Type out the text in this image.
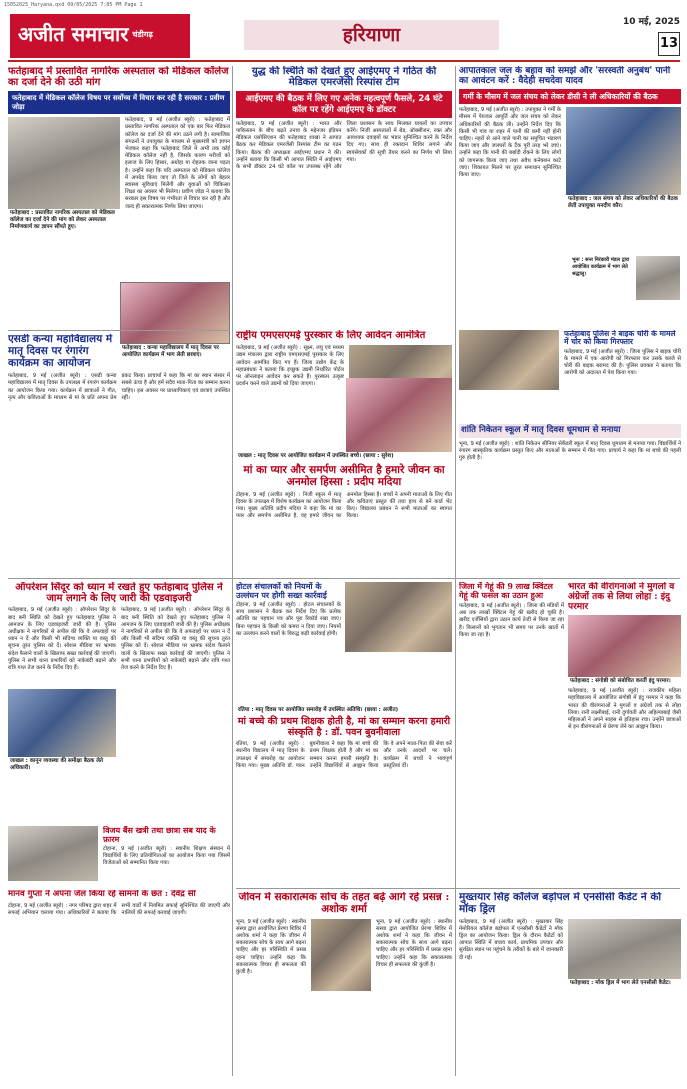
15052025_Haryana.qxd 09/05/2025 7:05 PM Page 1
अजीत समाचार $^{चंडीगढ़}$	हरियाणा
10 मई, 2025
13
फतेहाबाद में प्रस्तावित नागरिक अस्पताल को मेडिकल कॉलेज का दर्जा देने की उठी मांग
फतेहाबाद में मेडिकल कॉलेज विषय पर सर्वोच्च में विचार कर रही है सरकार : प्रवीण जोड़ा
फतेहाबाद : प्रस्तावित नागरिक अस्पताल को मेडिकल कॉलेज का दर्जा देने की मांग को लेकर अस्पताल निर्माणकार्य का ज्ञापन सौंपते हुए।
फतेहाबाद, 9 मई (अजीत ब्यूरो) : फतेहाबाद में प्रस्तावित नागरिक अस्पताल को एक बार फिर मेडिकल कॉलेज का दर्जा देने की मांग उठने लगी है। सामाजिक संगठनों ने उपायुक्त के माध्यम से मुख्यमंत्री को ज्ञापन भेजकर कहा कि फतेहाबाद जिले में अभी तक कोई मेडिकल कॉलेज नहीं है, जिसके कारण मरीजों को इलाज के लिए हिसार, अग्रोहा या रोहतक जाना पड़ता है। उन्होंने कहा कि यदि अस्पताल को मेडिकल कॉलेज में अपग्रेड किया जाए तो जिले के लोगों को बेहतर स्वास्थ्य सुविधाएं मिलेंगी और युवाओं को चिकित्सा शिक्षा का अवसर भी मिलेगा। प्रवीण जोड़ा ने बताया कि सरकार इस विषय पर गंभीरता से विचार कर रही है और जल्द ही सकारात्मक निर्णय लिया जाएगा।
फतेहाबाद : कन्या महाविद्यालय में मातृ दिवस पर आयोजित कार्यक्रम में भाग लेती छात्राएं।
युद्ध की स्थिति को देखते हुए आईएमए ने गठित की मेडिकल एमरजेंसी रिस्पांस टीम
आईएमए की बैठक में लिए गए अनेक महत्वपूर्ण फैसले, 24 घंटे कॉल पर रहेंगे आईएमए के डॉक्टर
फतेहाबाद, 9 मई (अजीत ब्यूरो) : भारत और पाकिस्तान के बीच बढ़ते तनाव के मद्देनजर इंडियन मेडिकल एसोसिएशन की फतेहाबाद शाखा ने आपात बैठक कर मेडिकल एमरजेंसी रिस्पांस टीम का गठन किया। बैठक की अध्यक्षता आईएमए प्रधान ने की। उन्होंने बताया कि किसी भी आपात स्थिति में आईएमए के सभी डॉक्टर 24 घंटे कॉल पर उपलब्ध रहेंगे और जिला प्रशासन के साथ मिलकर घायलों का उपचार करेंगे। निजी अस्पतालों में बेड, ऑक्सीजन, रक्त और आवश्यक दवाइयों का भंडार सुनिश्चित करने के निर्देश दिए गए। साथ ही रक्तदान शिविर लगाने और स्वयंसेवकों की सूची तैयार करने का निर्णय भी लिया गया।
आपातकाल जल के बहाव को समझें और 'सरस्वती अनुबंध' पानी का आवंटन करें : वैदेही सचदेवा यादव
गर्मी के मौसम में जल संचय को लेकर डीसी ने ली अधिकारियों की बैठक
फतेहाबाद, 9 मई (अजीत ब्यूरो) : उपायुक्त ने गर्मी के मौसम में पेयजल आपूर्ति और जल संचय को लेकर अधिकारियों की बैठक ली। उन्होंने निर्देश दिए कि किसी भी गांव या शहर में पानी की कमी नहीं होनी चाहिए। नहरों से आने वाले पानी का समुचित भंडारण किया जाए और जलघरों के टैंक पूरी तरह भरे जाएं। उन्होंने कहा कि पानी की बर्बादी रोकने के लिए लोगों को जागरूक किया जाए तथा अवैध कनेक्शन काटे जाएं। शिकायत मिलने पर तुरंत समाधान सुनिश्चित किया जाए।
फतेहाबाद : जल संचय को लेकर अधिकारियों की बैठक लेतीं उपायुक्त मनदीप कौर।
भूना : सन्त निरंकारी मंडल द्वारा आयोजित कार्यक्रम में भाग लेते श्रद्धालु।
एसडी कन्या महाविद्यालय में मातृ दिवस पर रंगारंग कार्यक्रम का आयोजन
फतेहाबाद, 9 मई (अजीत ब्यूरो) : एसडी कन्या महाविद्यालय में मातृ दिवस के उपलक्ष्य में रंगारंग कार्यक्रम का आयोजन किया गया। कार्यक्रम में छात्राओं ने गीत, नृत्य और कविताओं के माध्यम से मां के प्रति अपना प्रेम प्रकट किया। प्राचार्या ने कहा कि मां का स्थान संसार में सबसे ऊंचा है और हमें सदैव माता-पिता का सम्मान करना चाहिए। इस अवसर पर प्राध्यापिकाएं एवं छात्राएं उपस्थित रहीं।
राष्ट्रीय एमएसएमई पुरस्कार के लिए आवेदन आमंत्रित
फतेहाबाद, 9 मई (अजीत ब्यूरो) : सूक्ष्म, लघु एवं मध्यम उद्यम मंत्रालय द्वारा राष्ट्रीय एमएसएमई पुरस्कार के लिए आवेदन आमंत्रित किए गए हैं। जिला उद्योग केंद्र के महाप्रबंधक ने बताया कि इच्छुक उद्यमी निर्धारित पोर्टल पर ऑनलाइन आवेदन कर सकते हैं। पुरस्कार उत्कृष्ट प्रदर्शन करने वाले उद्यमों को दिया जाएगा।
जाखल : मातृ दिवस पर आयोजित कार्यक्रम में उपस्थित बच्चे। (छाया : सुरेश)
मां का प्यार और समर्पण असीमित है हमारे जीवन का अनमोल हिस्सा : प्रदीप मदिया
टोहाना, 9 मई (अजीत ब्यूरो) : निजी स्कूल में मातृ दिवस के उपलक्ष्य में विशेष कार्यक्रम का आयोजन किया गया। मुख्य अतिथि प्रदीप मदिया ने कहा कि मां का प्यार और समर्पण असीमित है, वह हमारे जीवन का अनमोल हिस्सा है। बच्चों ने अपनी माताओं के लिए गीत और कविताएं प्रस्तुत कीं तथा हाथ से बने कार्ड भेंट किए। विद्यालय प्रबंधन ने सभी माताओं का स्वागत किया।
फतेहाबाद पुलिस ने बाइक चोरी के मामले में चोर को किया गिरफ्तार
फतेहाबाद, 9 मई (अजीत ब्यूरो) : जिला पुलिस ने बाइक चोरी के मामले में एक आरोपी को गिरफ्तार कर उसके कब्जे से चोरी की बाइक बरामद की है। पुलिस प्रवक्ता ने बताया कि आरोपी को अदालत में पेश किया गया।
शांति निकेतन स्कूल में मातृ दिवस धूमधाम से मनाया
भूना, 9 मई (अजीत ब्यूरो) : शांति निकेतन सीनियर सेकेंडरी स्कूल में मातृ दिवस धूमधाम से मनाया गया। विद्यार्थियों ने रंगारंग सांस्कृतिक कार्यक्रम प्रस्तुत किए और माताओं के सम्मान में गीत गाए। प्राचार्य ने कहा कि मां बच्चे की पहली गुरु होती है।
ऑपरेशन सिंदूर को ध्यान में रखते हुए फतेहाबाद पुलिस ने जाम लगाने के लिए जारी की एडवाइजरी
फतेहाबाद, 9 मई (अजीत ब्यूरो) : ऑपरेशन सिंदूर के बाद बनी स्थिति को देखते हुए फतेहाबाद पुलिस ने आमजन के लिए एडवाइजरी जारी की है। पुलिस अधीक्षक ने नागरिकों से अपील की कि वे अफवाहों पर ध्यान न दें और किसी भी संदिग्ध व्यक्ति या वस्तु की सूचना तुरंत पुलिस को दें। सोशल मीडिया पर भ्रामक संदेश फैलाने वालों के खिलाफ सख्त कार्रवाई की जाएगी। पुलिस ने सभी थाना प्रभारियों को नाकेबंदी बढ़ाने और रात्रि गश्त तेज करने के निर्देश दिए हैं।
जाखल : कानून व्यवस्था की समीक्षा बैठक लेते अधिकारी।
फतेहाबाद, 9 मई (अजीत ब्यूरो) : ऑपरेशन सिंदूर के बाद बनी स्थिति को देखते हुए फतेहाबाद पुलिस ने आमजन के लिए एडवाइजरी जारी की है। पुलिस अधीक्षक ने नागरिकों से अपील की कि वे अफवाहों पर ध्यान न दें और किसी भी संदिग्ध व्यक्ति या वस्तु की सूचना तुरंत पुलिस को दें। सोशल मीडिया पर भ्रामक संदेश फैलाने वालों के खिलाफ सख्त कार्रवाई की जाएगी। पुलिस ने सभी थाना प्रभारियों को नाकेबंदी बढ़ाने और रात्रि गश्त तेज करने के निर्देश दिए हैं।
होटल संचालकों को नियमों के उल्लंघन पर होगी सख्त कार्रवाई
टोहाना, 9 मई (अजीत ब्यूरो) : होटल संचालकों के साथ प्रशासन ने बैठक कर निर्देश दिए कि प्रत्येक अतिथि का पहचान पत्र और पूरा रिकॉर्ड रखा जाए। बिना पहचान के किसी को कमरा न दिया जाए। नियमों का उल्लंघन करने वालों के विरुद्ध कड़ी कार्रवाई होगी।
रतिया : मातृ दिवस पर आयोजित समारोह में उपस्थित अतिथि। (छाया : अजीत)
मां बच्चे की प्रथम शिक्षक होती है, मां का सम्मान करना हमारी संस्कृति है : डॉ. पवन बुवनीवाला
रतिया, 9 मई (अजीत ब्यूरो) : स्थानीय विद्यालय में मातृ दिवस के उपलक्ष्य में समारोह का आयोजन किया गया। मुख्य अतिथि डॉ. पवन बुवनीवाला ने कहा कि मां बच्चे की प्रथम शिक्षक होती है और मां का सम्मान करना हमारी संस्कृति है। उन्होंने विद्यार्थियों से आह्वान किया कि वे अपने माता-पिता की सेवा करें और उनके आदर्शों पर चलें। कार्यक्रम में बच्चों ने भावपूर्ण प्रस्तुतियां दीं।
जिला में गेहूं की 9 लाख क्विंटल गेहूं की फसल का उठान हुआ
फतेहाबाद, 9 मई (अजीत ब्यूरो) : जिला की मंडियों में अब तक लाखों क्विंटल गेहूं की खरीद हो चुकी है। खरीद एजेंसियों द्वारा उठान कार्य तेजी से किया जा रहा है। किसानों को भुगतान भी समय पर उनके खातों में किया जा रहा है।
भारत की वीरांगनाओं ने मुगलों व अंग्रेजों तक से लिया लोहा : इंदु परमार
फतेहाबाद : संगोष्ठी को संबोधित करतीं इंदु परमार।
फतेहाबाद, 9 मई (अजीत ब्यूरो) : राजकीय महिला महाविद्यालय में आयोजित संगोष्ठी में इंदु परमार ने कहा कि भारत की वीरांगनाओं ने मुगलों व अंग्रेजों तक से लोहा लिया। रानी लक्ष्मीबाई, रानी दुर्गावती और अहिल्याबाई जैसी महिलाओं ने अपने साहस से इतिहास रचा। उन्होंने छात्राओं से इन वीरांगनाओं से प्रेरणा लेने का आह्वान किया।
विजय बैंस खत्री तथा छात्रा सब याद के फ़ारम
टोहाना, 9 मई (अजीत ब्यूरो) : स्थानीय शिक्षण संस्थान में विद्यार्थियों के लिए प्रतियोगिताओं का आयोजन किया गया जिसमें विजेताओं को सम्मानित किया गया।
मानव गुप्ता ने अपना जेल किया रहे सामनो के छत : देवेंद्र सी
टोहाना, 9 मई (अजीत ब्यूरो) : नगर परिषद द्वारा शहर में सफाई अभियान चलाया गया। अधिकारियों ने बताया कि सभी वार्डों में नियमित सफाई सुनिश्चित की जाएगी और नालियों की सफाई करवाई जाएगी।
जीवन में सकारात्मक सोच के तहत बढ़ें आगे रहे प्रसन्न : अशोक शर्मा
भूना, 9 मई (अजीत ब्यूरो) : स्थानीय संस्था द्वारा आयोजित प्रेरणा शिविर में अशोक शर्मा ने कहा कि जीवन में सकारात्मक सोच के साथ आगे बढ़ना चाहिए और हर परिस्थिति में प्रसन्न रहना चाहिए। उन्होंने कहा कि सकारात्मक विचार ही सफलता की कुंजी है।
भूना, 9 मई (अजीत ब्यूरो) : स्थानीय संस्था द्वारा आयोजित प्रेरणा शिविर में अशोक शर्मा ने कहा कि जीवन में सकारात्मक सोच के साथ आगे बढ़ना चाहिए और हर परिस्थिति में प्रसन्न रहना चाहिए। उन्होंने कहा कि सकारात्मक विचार ही सफलता की कुंजी है।
मुख्तयार सिंह कॉलेज बड़ोपल में एनसीसी कैडेट ने की मॉक ड्रिल
फतेहाबाद, 9 मई (अजीत ब्यूरो) : मुख्तयार सिंह मेमोरियल कॉलेज बड़ोपल में एनसीसी कैडेटों ने मॉक ड्रिल का आयोजन किया। ड्रिल के दौरान कैडेटों को आपात स्थिति में बचाव कार्य, प्राथमिक उपचार और सुरक्षित स्थान पर पहुंचने के तरीकों के बारे में जानकारी दी गई।
फतेहाबाद : मॉक ड्रिल में भाग लेते एनसीसी कैडेट।
